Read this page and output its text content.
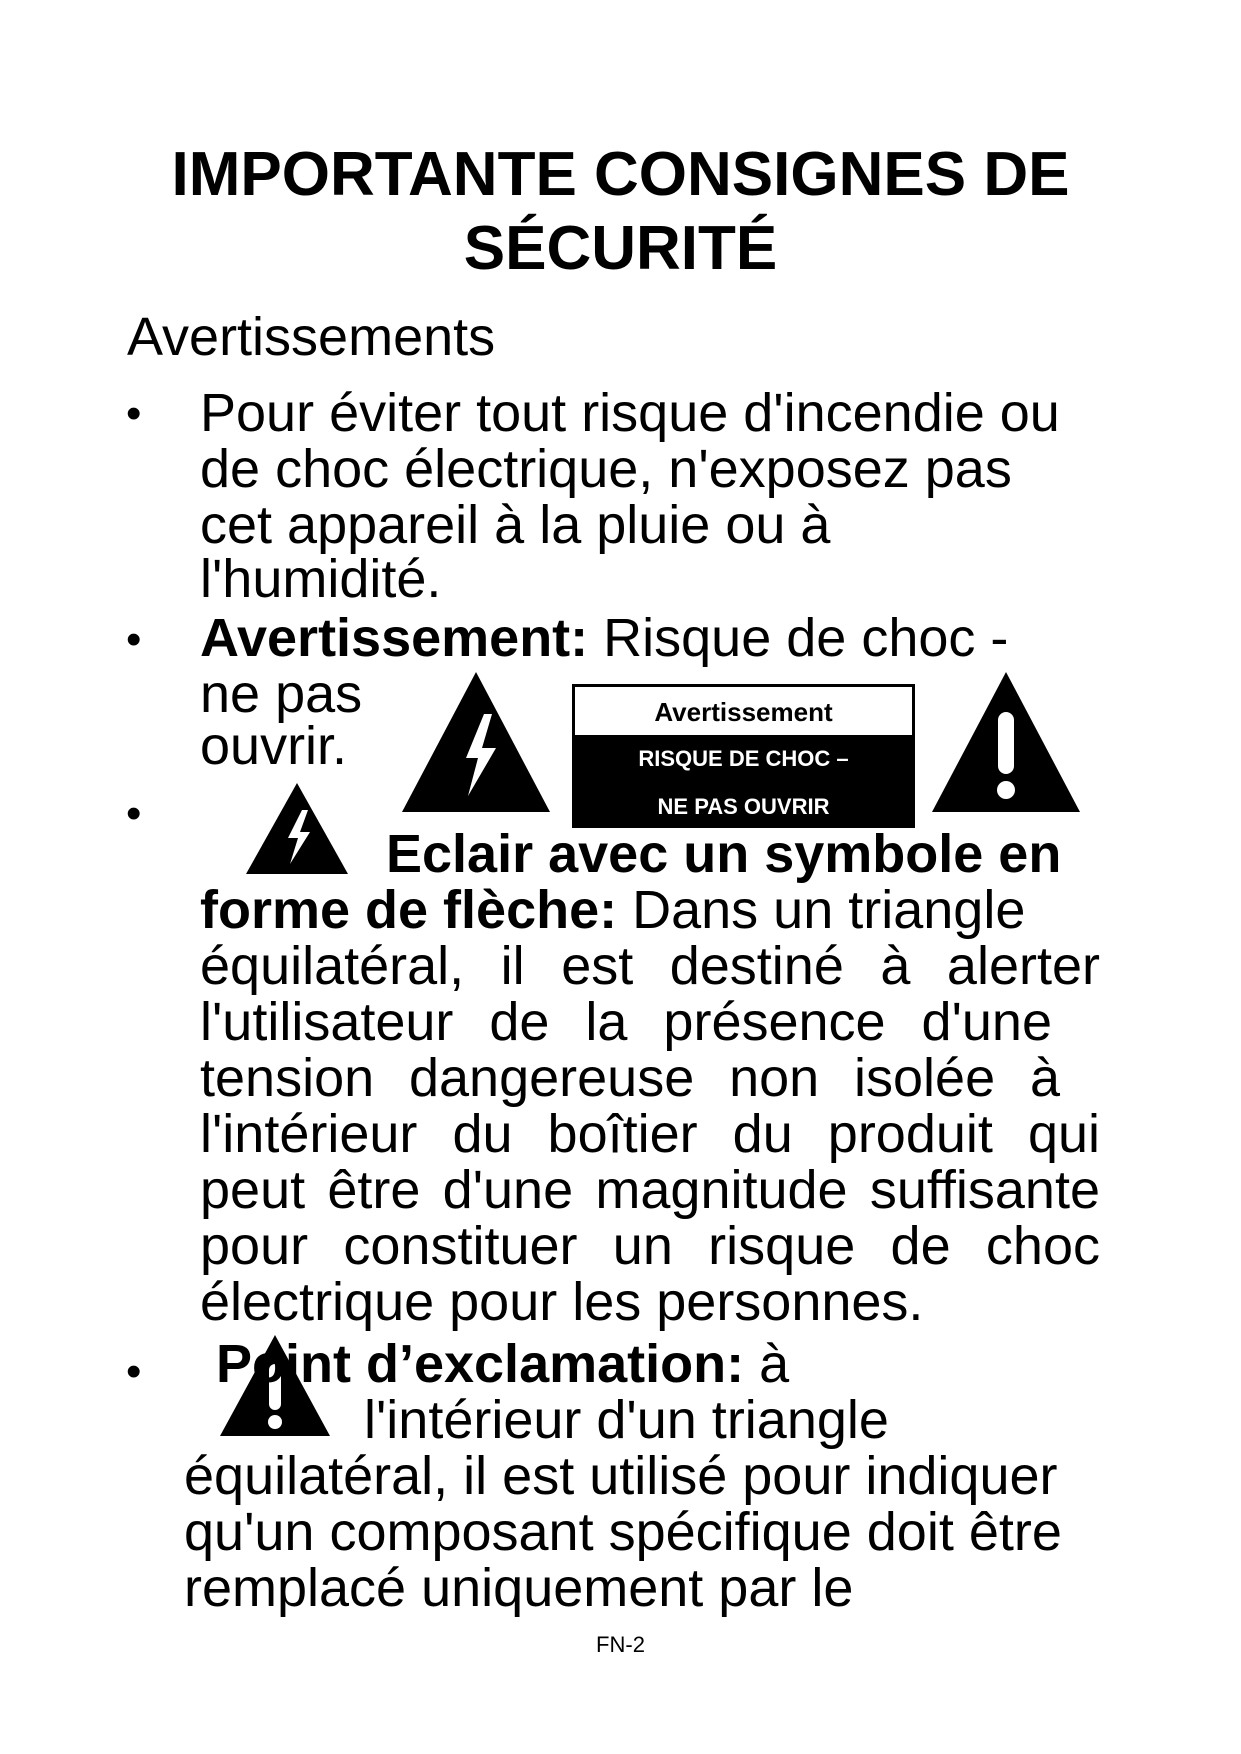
IMPORTANTE CONSIGNES DE
SÉCURITÉ
Avertissements
• Pour éviter tout risque d'incendie ou
de choc électrique, n'exposez pas
cet appareil à la pluie ou à
l'humidité.
• Avertissement: Risque de choc -
ne pas
ouvrir.
Avertissement
RISQUE DE CHOC –
NE PAS OUVRIR
•
Eclair avec un symbole en
forme de flèche: Dans un triangle
équilatéral, il est destiné à alerter
l'utilisateur de la présence d'une
tension dangereuse non isolée à
l'intérieur du boîtier du produit qui
peut être d'une magnitude suffisante
pour constituer un risque de choc
électrique pour les personnes.
• Point d’exclamation: à
l'intérieur d'un triangle
équilatéral, il est utilisé pour indiquer
qu'un composant spécifique doit être
remplacé uniquement par le
FN-2
